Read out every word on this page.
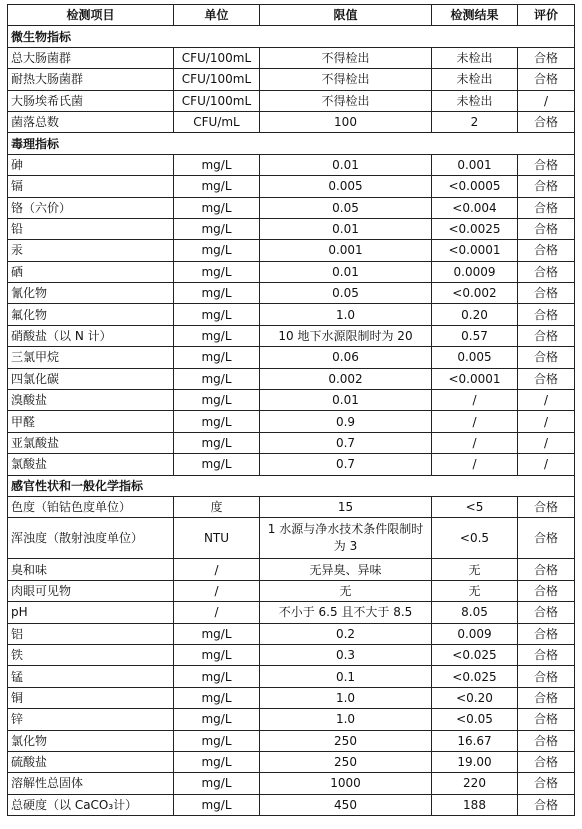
检测项目	单位	限值	检测结果	评价
微生物指标				
总大肠菌群	CFU/100mL	不得检出	未检出	合格
耐热大肠菌群	CFU/100mL	不得检出	未检出	合格
大肠埃希氏菌	CFU/100mL	不得检出	未检出	/
菌落总数	CFU/mL	100	2	合格
毒理指标				
砷	mg/L	0.01	0.001	合格
镉	mg/L	0.005	<0.0005	合格
铬（六价）	mg/L	0.05	<0.004	合格
铅	mg/L	0.01	<0.0025	合格
汞	mg/L	0.001	<0.0001	合格
硒	mg/L	0.01	0.0009	合格
氰化物	mg/L	0.05	<0.002	合格
氟化物	mg/L	1.0	0.20	合格
硝酸盐（以 N 计）	mg/L	10 地下水源限制时为 20	0.57	合格
三氯甲烷	mg/L	0.06	0.005	合格
四氯化碳	mg/L	0.002	<0.0001	合格
溴酸盐	mg/L	0.01	/	/
甲醛	mg/L	0.9	/	/
亚氯酸盐	mg/L	0.7	/	/
氯酸盐	mg/L	0.7	/	/
感官性状和一般化学指标				
色度（铂钴色度单位）	度	15	<5	合格
浑浊度（散射浊度单位）	NTU	1 水源与净水技术条件限制时为 3	<0.5	合格
臭和味	/	无异臭、异味	无	合格
肉眼可见物	/	无	无	合格
pH	/	不小于 6.5 且不大于 8.5	8.05	合格
铝	mg/L	0.2	0.009	合格
铁	mg/L	0.3	<0.025	合格
锰	mg/L	0.1	<0.025	合格
铜	mg/L	1.0	<0.20	合格
锌	mg/L	1.0	<0.05	合格
氯化物	mg/L	250	16.67	合格
硫酸盐	mg/L	250	19.00	合格
溶解性总固体	mg/L	1000	220	合格
总硬度（以 CaCO₃计）	mg/L	450	188	合格
